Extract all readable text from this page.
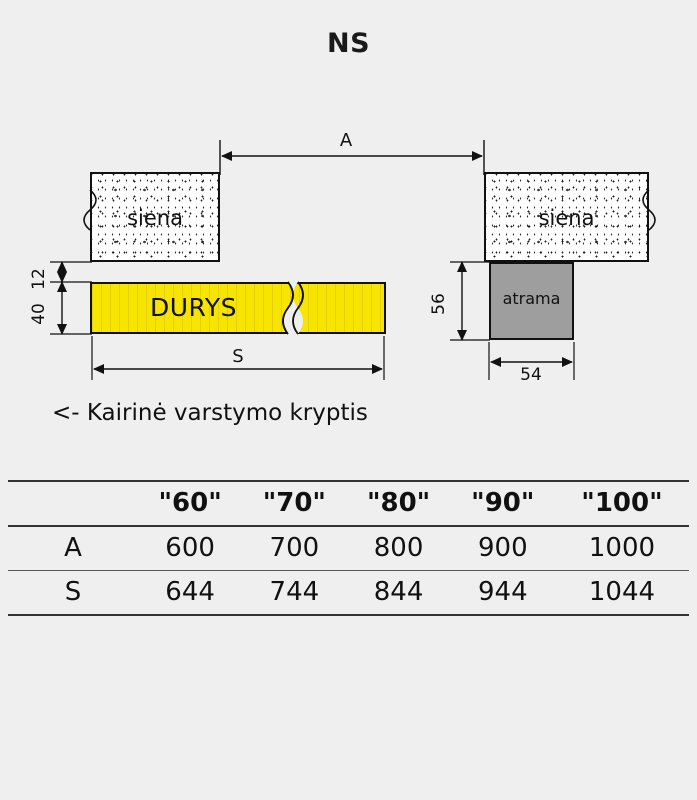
NS
siena	siena
DURYS	atrama
A
12
40
S
56
54
<- Kairinė varstymo kryptis
	"60"	"70"	"80"	"90"	"100"
A	600	700	800	900	1000
S	644	744	844	944	1044
